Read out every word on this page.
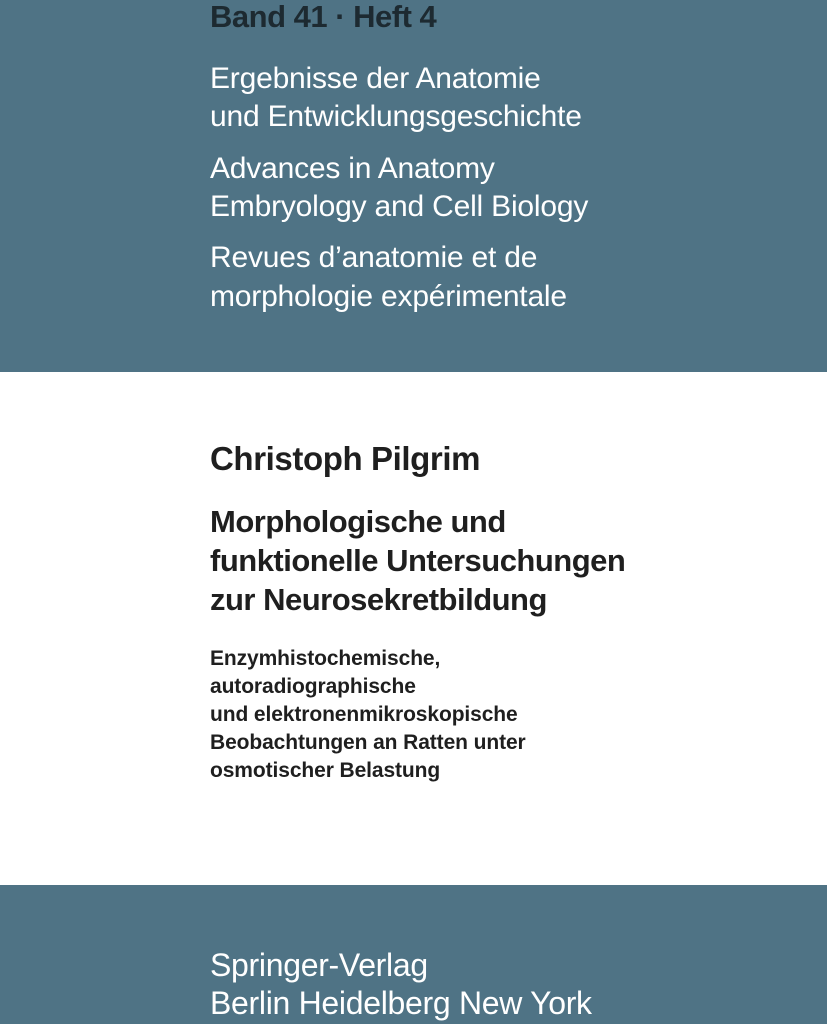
Band 41 · Heft 4
Ergebnisse der Anatomie
und Entwicklungsgeschichte
Advances in Anatomy
Embryology and Cell Biology
Revues d’anatomie et de
morphologie expérimentale
Christoph Pilgrim
Morphologische und
funktionelle Untersuchungen
zur Neurosekretbildung
Enzymhistochemische,
autoradiographische
und elektronenmikroskopische
Beobachtungen an Ratten unter
osmotischer Belastung
Springer-Verlag
Berlin Heidelberg New York
